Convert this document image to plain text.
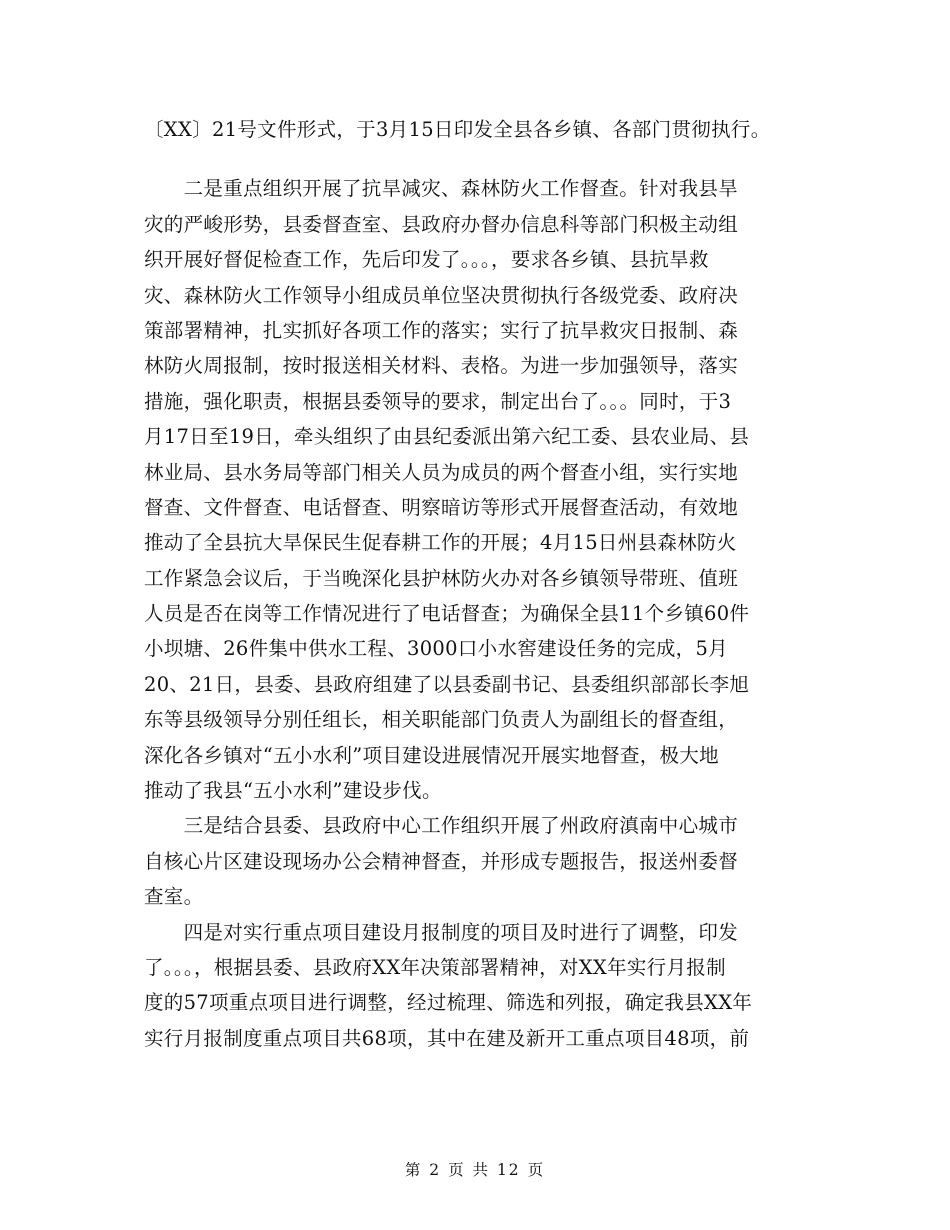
〔XX〕21号文件形式，于3月15日印发全县各乡镇、各部门贯彻执行。
　　二是重点组织开展了抗旱减灾、森林防火工作督查。针对我县旱
灾的严峻形势，县委督查室、县政府办督办信息科等部门积极主动组
织开展好督促检查工作，先后印发了。。。，要求各乡镇、县抗旱救
灾、森林防火工作领导小组成员单位坚决贯彻执行各级党委、政府决
策部署精神，扎实抓好各项工作的落实；实行了抗旱救灾日报制、森
林防火周报制，按时报送相关材料、表格。为进一步加强领导，落实
措施，强化职责，根据县委领导的要求，制定出台了。。。同时，于3
月17日至19日，牵头组织了由县纪委派出第六纪工委、县农业局、县
林业局、县水务局等部门相关人员为成员的两个督查小组，实行实地
督查、文件督查、电话督查、明察暗访等形式开展督查活动，有效地
推动了全县抗大旱保民生促春耕工作的开展；4月15日州县森林防火
工作紧急会议后，于当晚深化县护林防火办对各乡镇领导带班、值班
人员是否在岗等工作情况进行了电话督查；为确保全县11个乡镇60件
小坝塘、26件集中供水工程、3000口小水窖建设任务的完成，5月
20、21日，县委、县政府组建了以县委副书记、县委组织部部长李旭
东等县级领导分别任组长，相关职能部门负责人为副组长的督查组，
深化各乡镇对“五小水利”项目建设进展情况开展实地督查，极大地
推动了我县“五小水利”建设步伐。
　　三是结合县委、县政府中心工作组织开展了州政府滇南中心城市
自核心片区建设现场办公会精神督查，并形成专题报告，报送州委督
查室。
　　四是对实行重点项目建设月报制度的项目及时进行了调整，印发
了。。。，根据县委、县政府XX年决策部署精神，对XX年实行月报制
度的57项重点项目进行调整，经过梳理、筛选和列报，确定我县XX年
实行月报制度重点项目共68项，其中在建及新开工重点项目48项，前
第 2 页 共 12 页
